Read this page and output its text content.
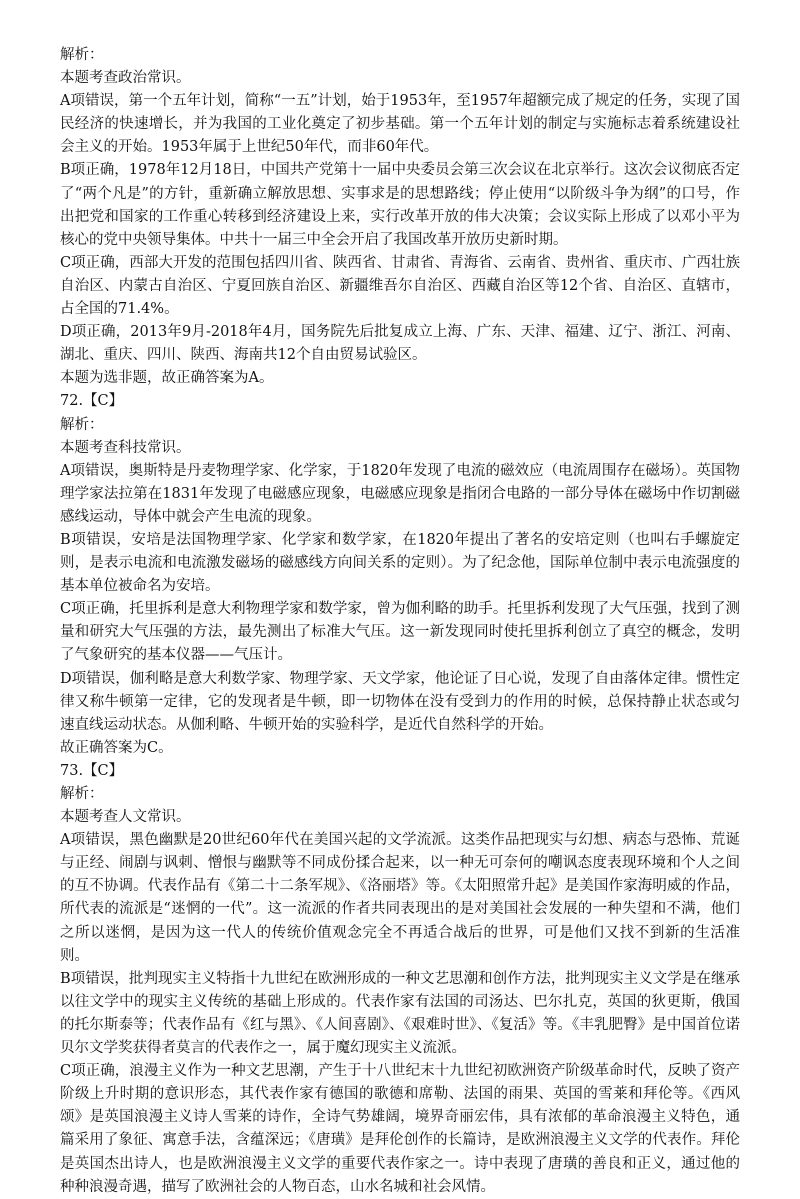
解析：

本题考查政治常识。

A项错误，第一个五年计划，简称“一五”计划，始于1953年，至1957年超额完成了规定的任务，实现了国民经济的快速增长，并为我国的工业化奠定了初步基础。第一个五年计划的制定与实施标志着系统建设社会主义的开始。1953年属于上世纪50年代，而非60年代。

B项正确，1978年12月18日，中国共产党第十一届中央委员会第三次会议在北京举行。这次会议彻底否定了“两个凡是”的方针，重新确立解放思想、实事求是的思想路线；停止使用“以阶级斗争为纲”的口号，作出把党和国家的工作重心转移到经济建设上来，实行改革开放的伟大决策；会议实际上形成了以邓小平为核心的党中央领导集体。中共十一届三中全会开启了我国改革开放历史新时期。

C项正确，西部大开发的范围包括四川省、陕西省、甘肃省、青海省、云南省、贵州省、重庆市、广西壮族自治区、内蒙古自治区、宁夏回族自治区、新疆维吾尔自治区、西藏自治区等12个省、自治区、直辖市，占全国的71.4%。

D项正确，2013年9月-2018年4月，国务院先后批复成立上海、广东、天津、福建、辽宁、浙江、河南、湖北、重庆、四川、陕西、海南共12个自由贸易试验区。

本题为选非题，故正确答案为A。

72.【C】

解析：

本题考查科技常识。

A项错误，奥斯特是丹麦物理学家、化学家，于1820年发现了电流的磁效应（电流周围存在磁场）。英国物理学家法拉第在1831年发现了电磁感应现象，电磁感应现象是指闭合电路的一部分导体在磁场中作切割磁感线运动，导体中就会产生电流的现象。

B项错误，安培是法国物理学家、化学家和数学家，在1820年提出了著名的安培定则（也叫右手螺旋定则，是表示电流和电流激发磁场的磁感线方向间关系的定则）。为了纪念他，国际单位制中表示电流强度的基本单位被命名为安培。

C项正确，托里拆利是意大利物理学家和数学家，曾为伽利略的助手。托里拆利发现了大气压强，找到了测量和研究大气压强的方法，最先测出了标准大气压。这一新发现同时使托里拆利创立了真空的概念，发明了气象研究的基本仪器——气压计。

D项错误，伽利略是意大利数学家、物理学家、天文学家，他论证了日心说，发现了自由落体定律。惯性定律又称牛顿第一定律，它的发现者是牛顿，即一切物体在没有受到力的作用的时候，总保持静止状态或匀速直线运动状态。从伽利略、牛顿开始的实验科学，是近代自然科学的开始。

故正确答案为C。

73.【C】

解析：

本题考查人文常识。

A项错误，黑色幽默是20世纪60年代在美国兴起的文学流派。这类作品把现实与幻想、病态与恐怖、荒诞与正经、闹剧与讽刺、憎恨与幽默等不同成份揉合起来，以一种无可奈何的嘲讽态度表现环境和个人之间的互不协调。代表作品有《第二十二条军规》、《洛丽塔》等。《太阳照常升起》是美国作家海明威的作品，所代表的流派是“迷惘的一代”。这一流派的作者共同表现出的是对美国社会发展的一种失望和不满，他们之所以迷惘，是因为这一代人的传统价值观念完全不再适合战后的世界，可是他们又找不到新的生活准则。

B项错误，批判现实主义特指十九世纪在欧洲形成的一种文艺思潮和创作方法，批判现实主义文学是在继承以往文学中的现实主义传统的基础上形成的。代表作家有法国的司汤达、巴尔扎克，英国的狄更斯，俄国的托尔斯泰等；代表作品有《红与黑》、《人间喜剧》、《艰难时世》、《复活》等。《丰乳肥臀》是中国首位诺贝尔文学奖获得者莫言的代表作之一，属于魔幻现实主义流派。

C项正确，浪漫主义作为一种文艺思潮，产生于十八世纪末十九世纪初欧洲资产阶级革命时代，反映了资产阶级上升时期的意识形态，其代表作家有德国的歌德和席勒、法国的雨果、英国的雪莱和拜伦等。《西风颂》是英国浪漫主义诗人雪莱的诗作，全诗气势雄阔，境界奇丽宏伟，具有浓郁的革命浪漫主义特色，通篇采用了象征、寓意手法，含蕴深远；《唐璜》是拜伦创作的长篇诗，是欧洲浪漫主义文学的代表作。拜伦是英国杰出诗人，也是欧洲浪漫主义文学的重要代表作家之一。诗中表现了唐璜的善良和正义，通过他的种种浪漫奇遇，描写了欧洲社会的人物百态，山水名城和社会风情。
